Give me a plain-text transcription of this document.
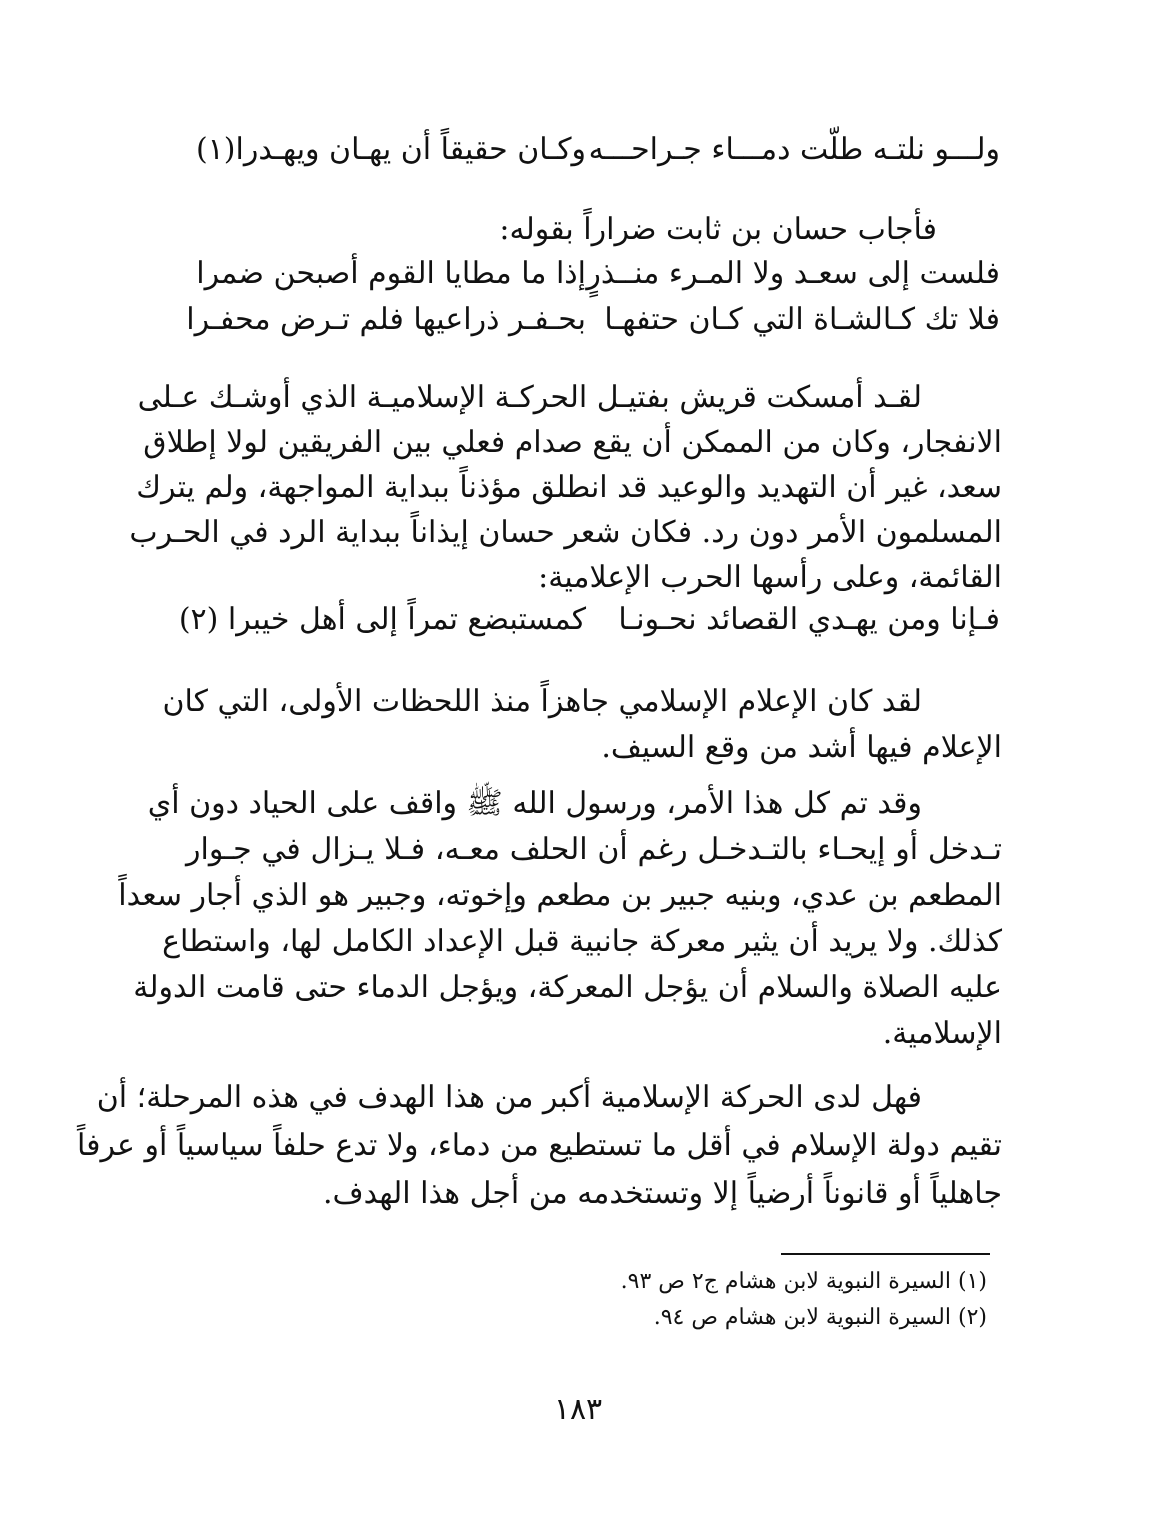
ولـــو نلتـه طلّت دمـــاء جـراحـــه
وكـان حقيقاً أن يهـان ويهـدرا(١)
فأجاب حسان بن ثابت ضراراً بقوله:
فلست إلى سعـد ولا المـرء منــذرٍ
إذا ما مطايا القوم أصبحن ضمرا
فلا تك كـالشـاة التي كـان حتفهـا
بحـفـر ذراعيها فلم تـرض محفـرا
لقـد أمسكت قريش بفتيـل الحركـة الإسلاميـة الذي أوشـك عـلى
الانفجار، وكان من الممكن أن يقع صدام فعلي بين الفريقين لولا إطلاق
سعد، غير أن التهديد والوعيد قد انطلق مؤذناً ببداية المواجهة، ولم يترك
المسلمون الأمر دون رد. فكان شعر حسان إيذاناً ببداية الرد في الحـرب
القائمة، وعلى رأسها الحرب الإعلامية:
فـإنا ومن يهـدي القصائد نحـونـا
كمستبضع تمراً إلى أهل خيبرا (٢)
لقد كان الإعلام الإسلامي جاهزاً منذ اللحظات الأولى، التي كان
الإعلام فيها أشد من وقع السيف.
وقد تم كل هذا الأمر، ورسول الله ﷺ واقف على الحياد دون أي
تـدخل أو إيحـاء بالتـدخـل رغم أن الحلف معـه، فـلا يـزال في جـوار
المطعم بن عدي، وبنيه جبير بن مطعم وإخوته، وجبير هو الذي أجار سعداً
كذلك. ولا يريد أن يثير معركة جانبية قبل الإعداد الكامل لها، واستطاع
عليه الصلاة والسلام أن يؤجل المعركة، ويؤجل الدماء حتى قامت الدولة
الإسلامية.
فهل لدى الحركة الإسلامية أكبر من هذا الهدف في هذه المرحلة؛ أن
تقيم دولة الإسلام في أقل ما تستطيع من دماء، ولا تدع حلفاً سياسياً أو عرفاً
جاهلياً أو قانوناً أرضياً إلا وتستخدمه من أجل هذا الهدف.
(١) السيرة النبوية لابن هشام ج٢ ص ٩٣.
(٢) السيرة النبوية لابن هشام ص ٩٤.
١٨٣
